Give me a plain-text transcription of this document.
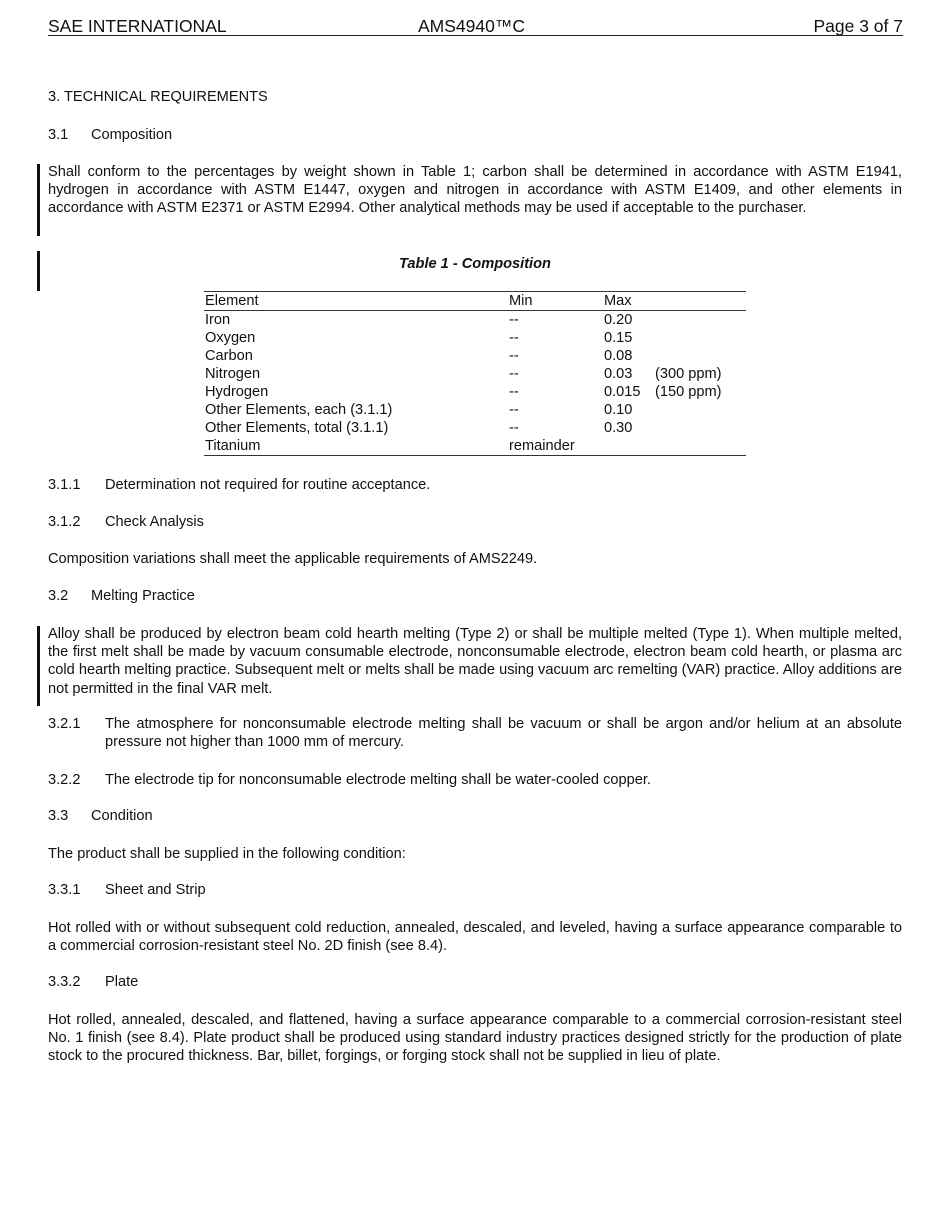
SAE INTERNATIONAL	AMS4940™C	Page 3 of 7
3. TECHNICAL REQUIREMENTS
3.1 Composition
Shall conform to the percentages by weight shown in Table 1; carbon shall be determined in accordance with ASTM E1941, hydrogen in accordance with ASTM E1447, oxygen and nitrogen in accordance with ASTM E1409, and other elements in accordance with ASTM E2371 or ASTM E2994. Other analytical methods may be used if acceptable to the purchaser.
Table 1 - Composition
Element	Min	Max
Iron	--	0.20
Oxygen	--	0.15
Carbon	--	0.08
Nitrogen	--	0.03 (300 ppm)
Hydrogen	--	0.015 (150 ppm)
Other Elements, each (3.1.1)	--	0.10
Other Elements, total (3.1.1)	--	0.30
Titanium	remainder
3.1.1 Determination not required for routine acceptance.
3.1.2 Check Analysis
Composition variations shall meet the applicable requirements of AMS2249.
3.2 Melting Practice
Alloy shall be produced by electron beam cold hearth melting (Type 2) or shall be multiple melted (Type 1). When multiple melted, the first melt shall be made by vacuum consumable electrode, nonconsumable electrode, electron beam cold hearth, or plasma arc cold hearth melting practice. Subsequent melt or melts shall be made using vacuum arc remelting (VAR) practice. Alloy additions are not permitted in the final VAR melt.
3.2.1 The atmosphere for nonconsumable electrode melting shall be vacuum or shall be argon and/or helium at an absolute pressure not higher than 1000 mm of mercury.
3.2.2 The electrode tip for nonconsumable electrode melting shall be water-cooled copper.
3.3 Condition
The product shall be supplied in the following condition:
3.3.1 Sheet and Strip
Hot rolled with or without subsequent cold reduction, annealed, descaled, and leveled, having a surface appearance comparable to a commercial corrosion-resistant steel No. 2D finish (see 8.4).
3.3.2 Plate
Hot rolled, annealed, descaled, and flattened, having a surface appearance comparable to a commercial corrosion-resistant steel No. 1 finish (see 8.4). Plate product shall be produced using standard industry practices designed strictly for the production of plate stock to the procured thickness. Bar, billet, forgings, or forging stock shall not be supplied in lieu of plate.
